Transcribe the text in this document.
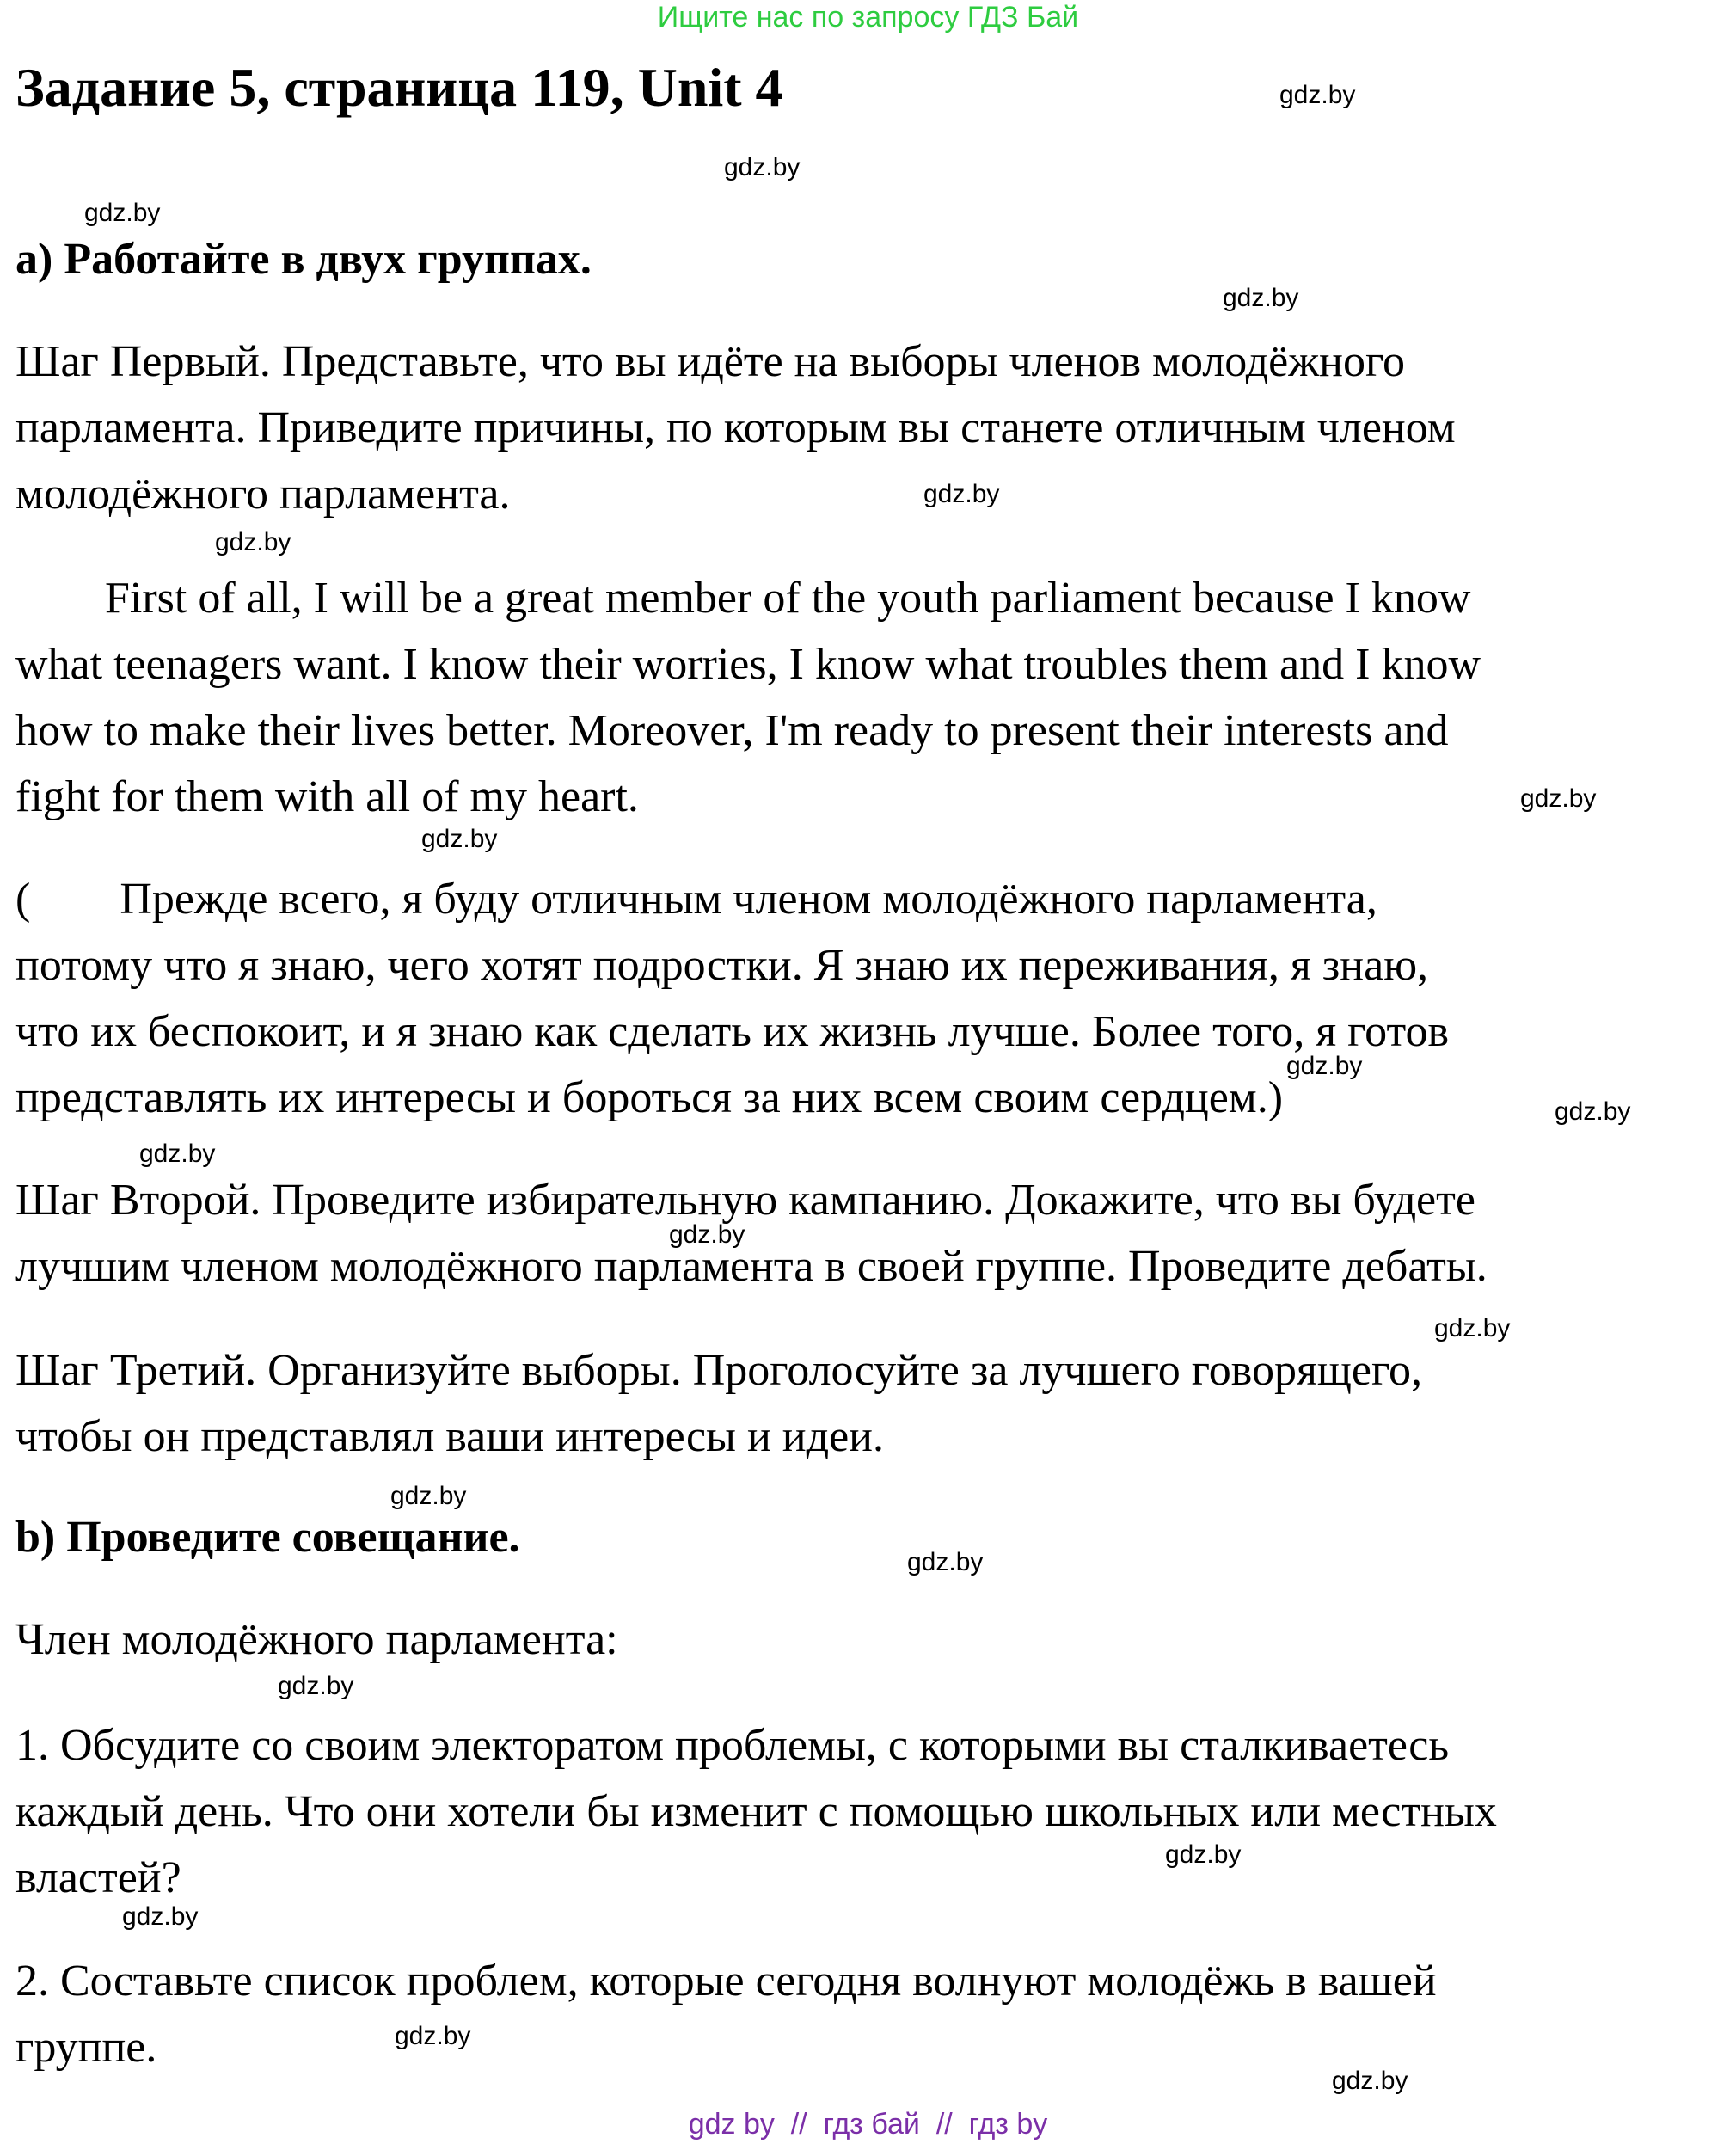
Ищите нас по запросу ГДЗ Бай
Задание 5, страница 119, Unit 4
а) Работайте в двух группах.
Шаг Первый. Представьте, что вы идёте на выборы членов молодёжного
парламента. Приведите причины, по которым вы станете отличным членом
молодёжного парламента.
First of all, I will be a great member of the youth parliament because I know
what teenagers want. I know their worries, I know what troubles them and I know
how to make their lives better. Moreover, I'm ready to present their interests and
fight for them with all of my heart.
(        Прежде всего, я буду отличным членом молодёжного парламента,
потому что я знаю, чего хотят подростки. Я знаю их переживания, я знаю,
что их беспокоит, и я знаю как сделать их жизнь лучше. Более того, я готов
представлять их интересы и бороться за них всем своим сердцем.)
Шаг Второй. Проведите избирательную кампанию. Докажите, что вы будете
лучшим членом молодёжного парламента в своей группе. Проведите дебаты.
Шаг Третий. Организуйте выборы. Проголосуйте за лучшего говорящего,
чтобы он представлял ваши интересы и идеи.
b) Проведите совещание.
Член молодёжного парламента:
1. Обсудите со своим электоратом проблемы, с которыми вы сталкиваетесь
каждый день. Что они хотели бы изменит с помощью школьных или местных
властей?
2. Составьте список проблем, которые сегодня волнуют молодёжь в вашей
группе.
gdz.by
gdz.by
gdz.by
gdz.by
gdz.by
gdz.by
gdz.by
gdz.by
gdz.by
gdz.by
gdz.by
gdz.by
gdz.by
gdz.by
gdz.by
gdz.by
gdz.by
gdz.by
gdz.by
gdz.by
gdz by  //  гдз бай  //  гдз by
